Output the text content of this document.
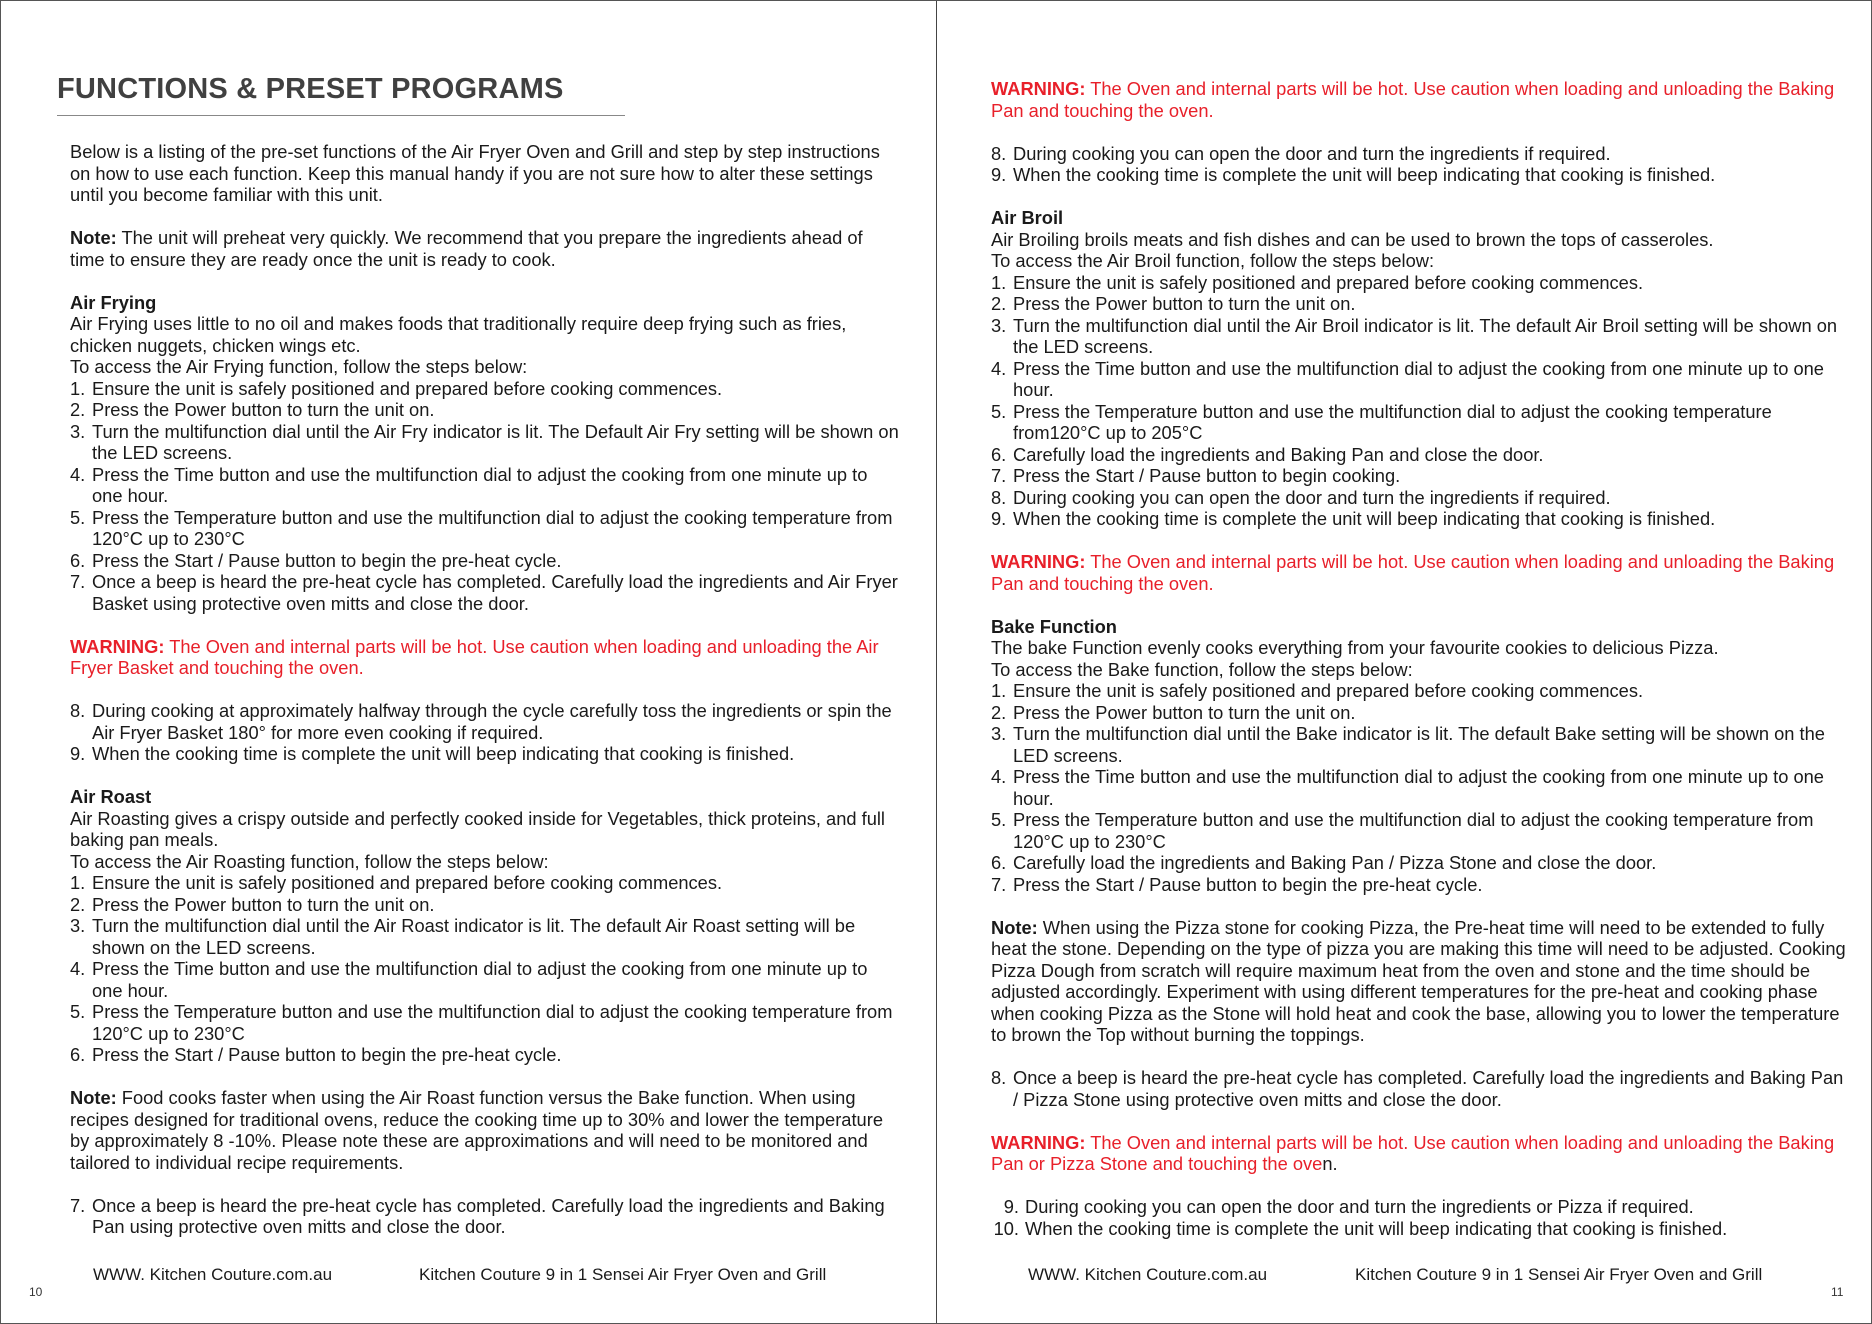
FUNCTIONS & PRESET PROGRAMS

Below is a listing of the pre-set functions of the Air Fryer Oven and Grill and step by step instructions on how to use each function. Keep this manual handy if you are not sure how to alter these settings until you become familiar with this unit.

Note: The unit will preheat very quickly. We recommend that you prepare the ingredients ahead of time to ensure they are ready once the unit is ready to cook.

Air Frying

Air Frying uses little to no oil and makes foods that traditionally require deep frying such as fries, chicken nuggets, chicken wings etc.

To access the Air Frying function, follow the steps below:

1. Ensure the unit is safely positioned and prepared before cooking commences.
2. Press the Power button to turn the unit on.
3. Turn the multifunction dial until the Air Fry indicator is lit. The Default Air Fry setting will be shown on the LED screens.
4. Press the Time button and use the multifunction dial to adjust the cooking from one minute up to one hour.
5. Press the Temperature button and use the multifunction dial to adjust the cooking temperature from 120°C up to 230°C
6. Press the Start / Pause button to begin the pre-heat cycle.
7. Once a beep is heard the pre-heat cycle has completed. Carefully load the ingredients and Air Fryer Basket using protective oven mitts and close the door.

WARNING: The Oven and internal parts will be hot. Use caution when loading and unloading the Air Fryer Basket and touching the oven.

8. During cooking at approximately halfway through the cycle carefully toss the ingredients or spin the Air Fryer Basket 180° for more even cooking if required.
9. When the cooking time is complete the unit will beep indicating that cooking is finished.

Air Roast

Air Roasting gives a crispy outside and perfectly cooked inside for Vegetables, thick proteins, and full baking pan meals.

To access the Air Roasting function, follow the steps below:

1. Ensure the unit is safely positioned and prepared before cooking commences.
2. Press the Power button to turn the unit on.
3. Turn the multifunction dial until the Air Roast indicator is lit. The default Air Roast setting will be shown on the LED screens.
4. Press the Time button and use the multifunction dial to adjust the cooking from one minute up to one hour.
5. Press the Temperature button and use the multifunction dial to adjust the cooking temperature from 120°C up to 230°C
6. Press the Start / Pause button to begin the pre-heat cycle.

Note: Food cooks faster when using the Air Roast function versus the Bake function. When using recipes designed for traditional ovens, reduce the cooking time up to 30% and lower the temperature by approximately 8 -10%. Please note these are approximations and will need to be monitored and tailored to individual recipe requirements.

7. Once a beep is heard the pre-heat cycle has completed. Carefully load the ingredients and Baking Pan using protective oven mitts and close the door.
WWW. Kitchen Couture.com.au	Kitchen Couture 9 in 1 Sensei Air Fryer Oven and Grill
10

WARNING: The Oven and internal parts will be hot. Use caution when loading and unloading the Baking Pan and touching the oven.

8. During cooking you can open the door and turn the ingredients if required.
9. When the cooking time is complete the unit will beep indicating that cooking is finished.

Air Broil

Air Broiling broils meats and fish dishes and can be used to brown the tops of casseroles.

To access the Air Broil function, follow the steps below:

1. Ensure the unit is safely positioned and prepared before cooking commences.
2. Press the Power button to turn the unit on.
3. Turn the multifunction dial until the Air Broil indicator is lit. The default Air Broil setting will be shown on the LED screens.
4. Press the Time button and use the multifunction dial to adjust the cooking from one minute up to one hour.
5. Press the Temperature button and use the multifunction dial to adjust the cooking temperature from120°C up to 205°C
6. Carefully load the ingredients and Baking Pan and close the door.
7. Press the Start / Pause button to begin cooking.
8. During cooking you can open the door and turn the ingredients if required.
9. When the cooking time is complete the unit will beep indicating that cooking is finished.

WARNING: The Oven and internal parts will be hot. Use caution when loading and unloading the Baking Pan and touching the oven.

Bake Function

The bake Function evenly cooks everything from your favourite cookies to delicious Pizza.

To access the Bake function, follow the steps below:

1. Ensure the unit is safely positioned and prepared before cooking commences.
2. Press the Power button to turn the unit on.
3. Turn the multifunction dial until the Bake indicator is lit. The default Bake setting will be shown on the LED screens.
4. Press the Time button and use the multifunction dial to adjust the cooking from one minute up to one hour.
5. Press the Temperature button and use the multifunction dial to adjust the cooking temperature from 120°C up to 230°C
6. Carefully load the ingredients and Baking Pan / Pizza Stone and close the door.
7. Press the Start / Pause button to begin the pre-heat cycle.

Note: When using the Pizza stone for cooking Pizza, the Pre-heat time will need to be extended to fully heat the stone. Depending on the type of pizza you are making this time will need to be adjusted. Cooking Pizza Dough from scratch will require maximum heat from the oven and stone and the time should be adjusted accordingly. Experiment with using different temperatures for the pre-heat and cooking phase when cooking Pizza as the Stone will hold heat and cook the base, allowing you to lower the temperature to brown the Top without burning the toppings.

8. Once a beep is heard the pre-heat cycle has completed. Carefully load the ingredients and Baking Pan / Pizza Stone using protective oven mitts and close the door.

WARNING: The Oven and internal parts will be hot. Use caution when loading and unloading the Baking Pan or Pizza Stone and touching the oven.

9. During cooking you can open the door and turn the ingredients or Pizza if required.
10. When the cooking time is complete the unit will beep indicating that cooking is finished.
WWW. Kitchen Couture.com.au	Kitchen Couture 9 in 1 Sensei Air Fryer Oven and Grill
11
